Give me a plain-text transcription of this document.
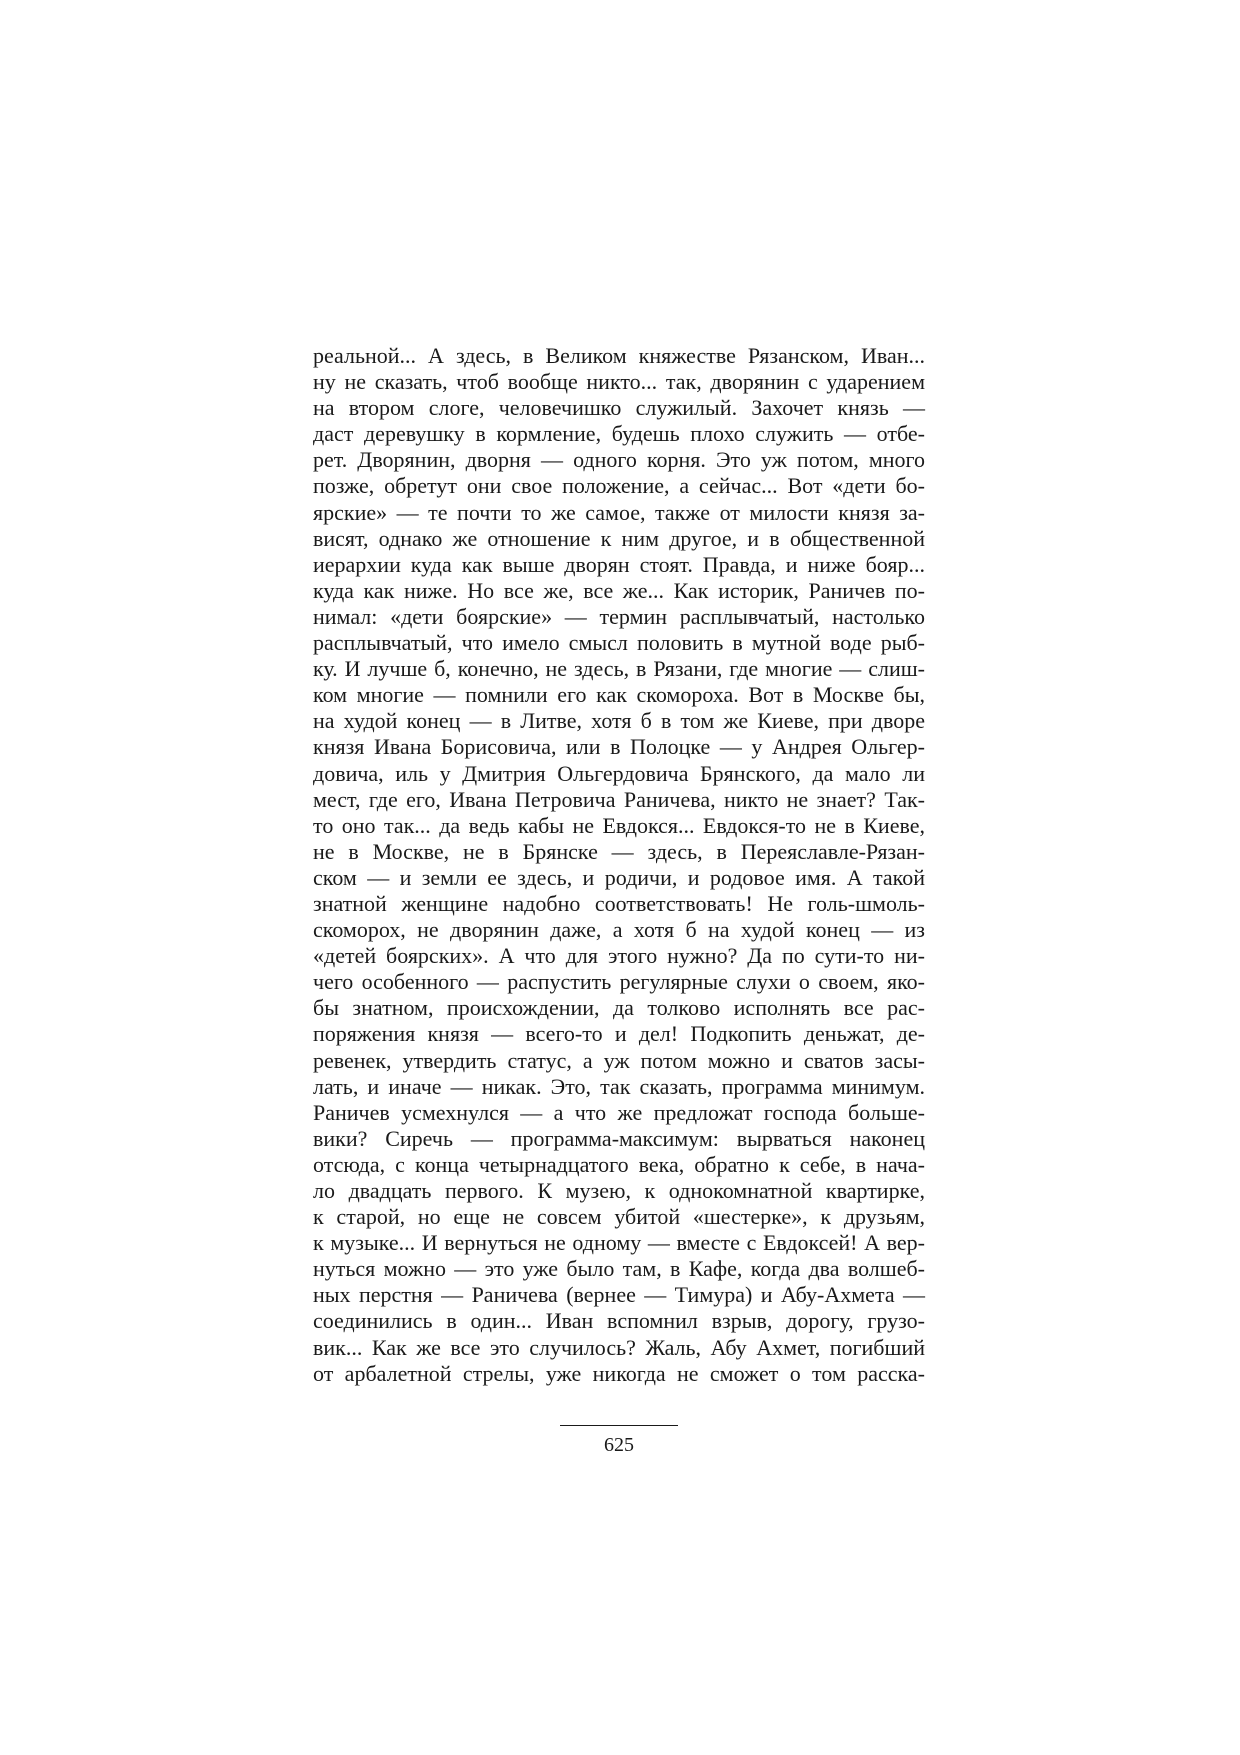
реальной... А здесь, в Великом княжестве Рязанском, Иван...
ну не сказать, чтоб вообще никто... так, дворянин с ударением
на втором слоге, человечишко служилый. Захочет князь —
даст деревушку в кормление, будешь плохо служить — отбе-
рет. Дворянин, дворня — одного корня. Это уж потом, много
позже, обретут они свое положение, а сейчас... Вот «дети бо-
ярские» — те почти то же самое, также от милости князя за-
висят, однако же отношение к ним другое, и в общественной
иерархии куда как выше дворян стоят. Правда, и ниже бояр...
куда как ниже. Но все же, все же... Как историк, Раничев по-
нимал: «дети боярские» — термин расплывчатый, настолько
расплывчатый, что имело смысл половить в мутной воде рыб-
ку. И лучше б, конечно, не здесь, в Рязани, где многие — слиш-
ком многие — помнили его как скомороха. Вот в Москве бы,
на худой конец — в Литве, хотя б в том же Киеве, при дворе
князя Ивана Борисовича, или в Полоцке — у Андрея Ольгер-
довича, иль у Дмитрия Ольгердовича Брянского, да мало ли
мест, где его, Ивана Петровича Раничева, никто не знает? Так-
то оно так... да ведь кабы не Евдокся... Евдокся-то не в Киеве,
не в Москве, не в Брянске — здесь, в Переяславле-Рязан-
ском — и земли ее здесь, и родичи, и родовое имя. А такой
знатной женщине надобно соответствовать! Не голь-шмоль-
скоморох, не дворянин даже, а хотя б на худой конец — из
«детей боярских». А что для этого нужно? Да по сути-то ни-
чего особенного — распустить регулярные слухи о своем, яко-
бы знатном, происхождении, да толково исполнять все рас-
поряжения князя — всего-то и дел! Подкопить деньжат, де-
ревенек, утвердить статус, а уж потом можно и сватов засы-
лать, и иначе — никак. Это, так сказать, программа минимум.
Раничев усмехнулся — а что же предложат господа больше-
вики? Сиречь — программа-максимум: вырваться наконец
отсюда, с конца четырнадцатого века, обратно к себе, в нача-
ло двадцать первого. К музею, к однокомнатной квартирке,
к старой, но еще не совсем убитой «шестерке», к друзьям,
к музыке... И вернуться не одному — вместе с Евдоксей! А вер-
нуться можно — это уже было там, в Кафе, когда два волшеб-
ных перстня — Раничева (вернее — Тимура) и Абу-Ахмета —
соединились в один... Иван вспомнил взрыв, дорогу, грузо-
вик... Как же все это случилось? Жаль, Абу Ахмет, погибший
от арбалетной стрелы, уже никогда не сможет о том расска-
625
